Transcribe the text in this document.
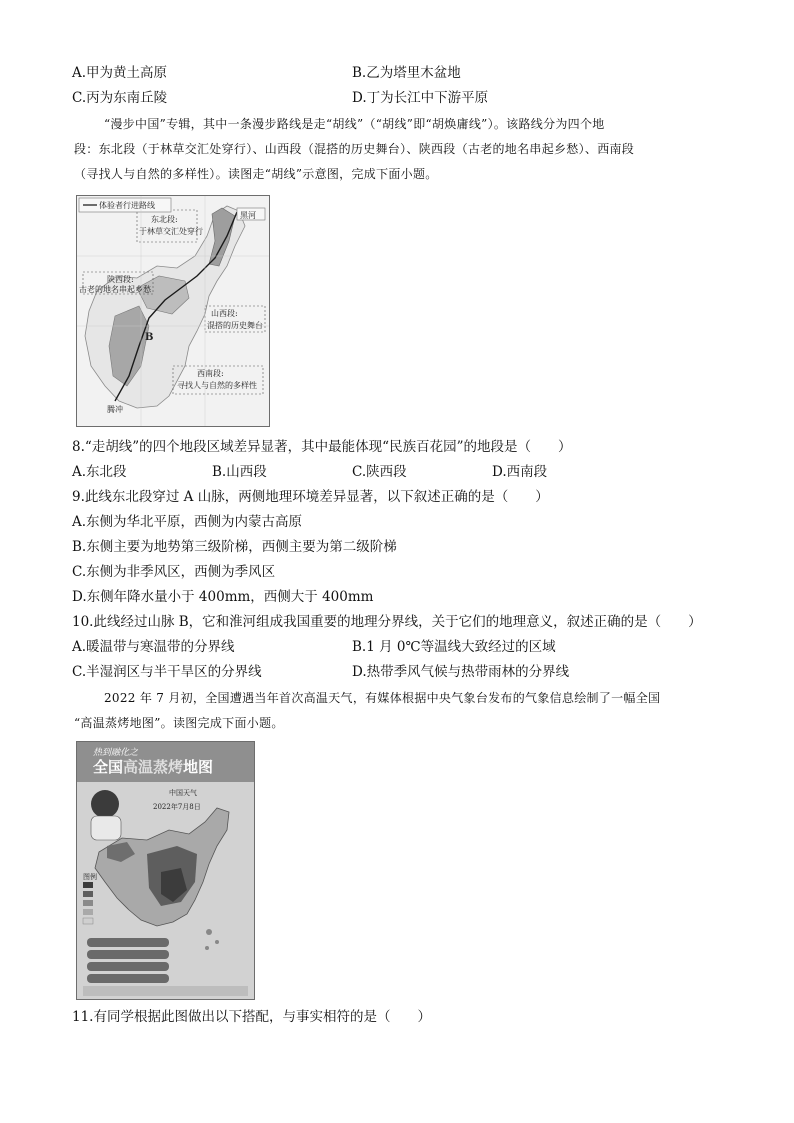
A.甲为黄土高原	B.乙为塔里木盆地
C.丙为东南丘陵	D.丁为长江中下游平原
“漫步中国”专辑，其中一条漫步路线是走“胡线”（“胡线”即“胡焕庸线”）。该路线分为四个地
段：东北段（于林草交汇处穿行）、山西段（混搭的历史舞台）、陕西段（古老的地名串起乡愁）、西南段
（寻找人与自然的多样性）。读图走“胡线”示意图，完成下面小题。
体验者行进路线
黑河
东北段:
于林草交汇处穿行
陕西段:
古老的地名串起乡愁
山西段:
混搭的历史舞台
西南段:
寻找人与自然的多样性
B
腾冲
8.“走胡线”的四个地段区域差异显著，其中最能体现“民族百花园”的地段是（　　）
A.东北段	B.山西段	C.陕西段	D.西南段
9.此线东北段穿过 A 山脉，两侧地理环境差异显著，以下叙述正确的是（　　）
A.东侧为华北平原，西侧为内蒙古高原
B.东侧主要为地势第三级阶梯，西侧主要为第二级阶梯
C.东侧为非季风区，西侧为季风区
D.东侧年降水量小于 400mm，西侧大于 400mm
10.此线经过山脉 B，它和淮河组成我国重要的地理分界线，关于它们的地理意义，叙述正确的是（　　）
A.暖温带与寒温带的分界线	B.1 月 0℃等温线大致经过的区域
C.半湿润区与半干旱区的分界线	D.热带季风气候与热带雨林的分界线
2022 年 7 月初，全国遭遇当年首次高温天气，有媒体根据中央气象台发布的气象信息绘制了一幅全国
“高温蒸烤地图”。读图完成下面小题。
热到融化之
全国高温蒸烤地图
中国天气
2022年7月8日
图例
11.有同学根据此图做出以下搭配，与事实相符的是（　　）
